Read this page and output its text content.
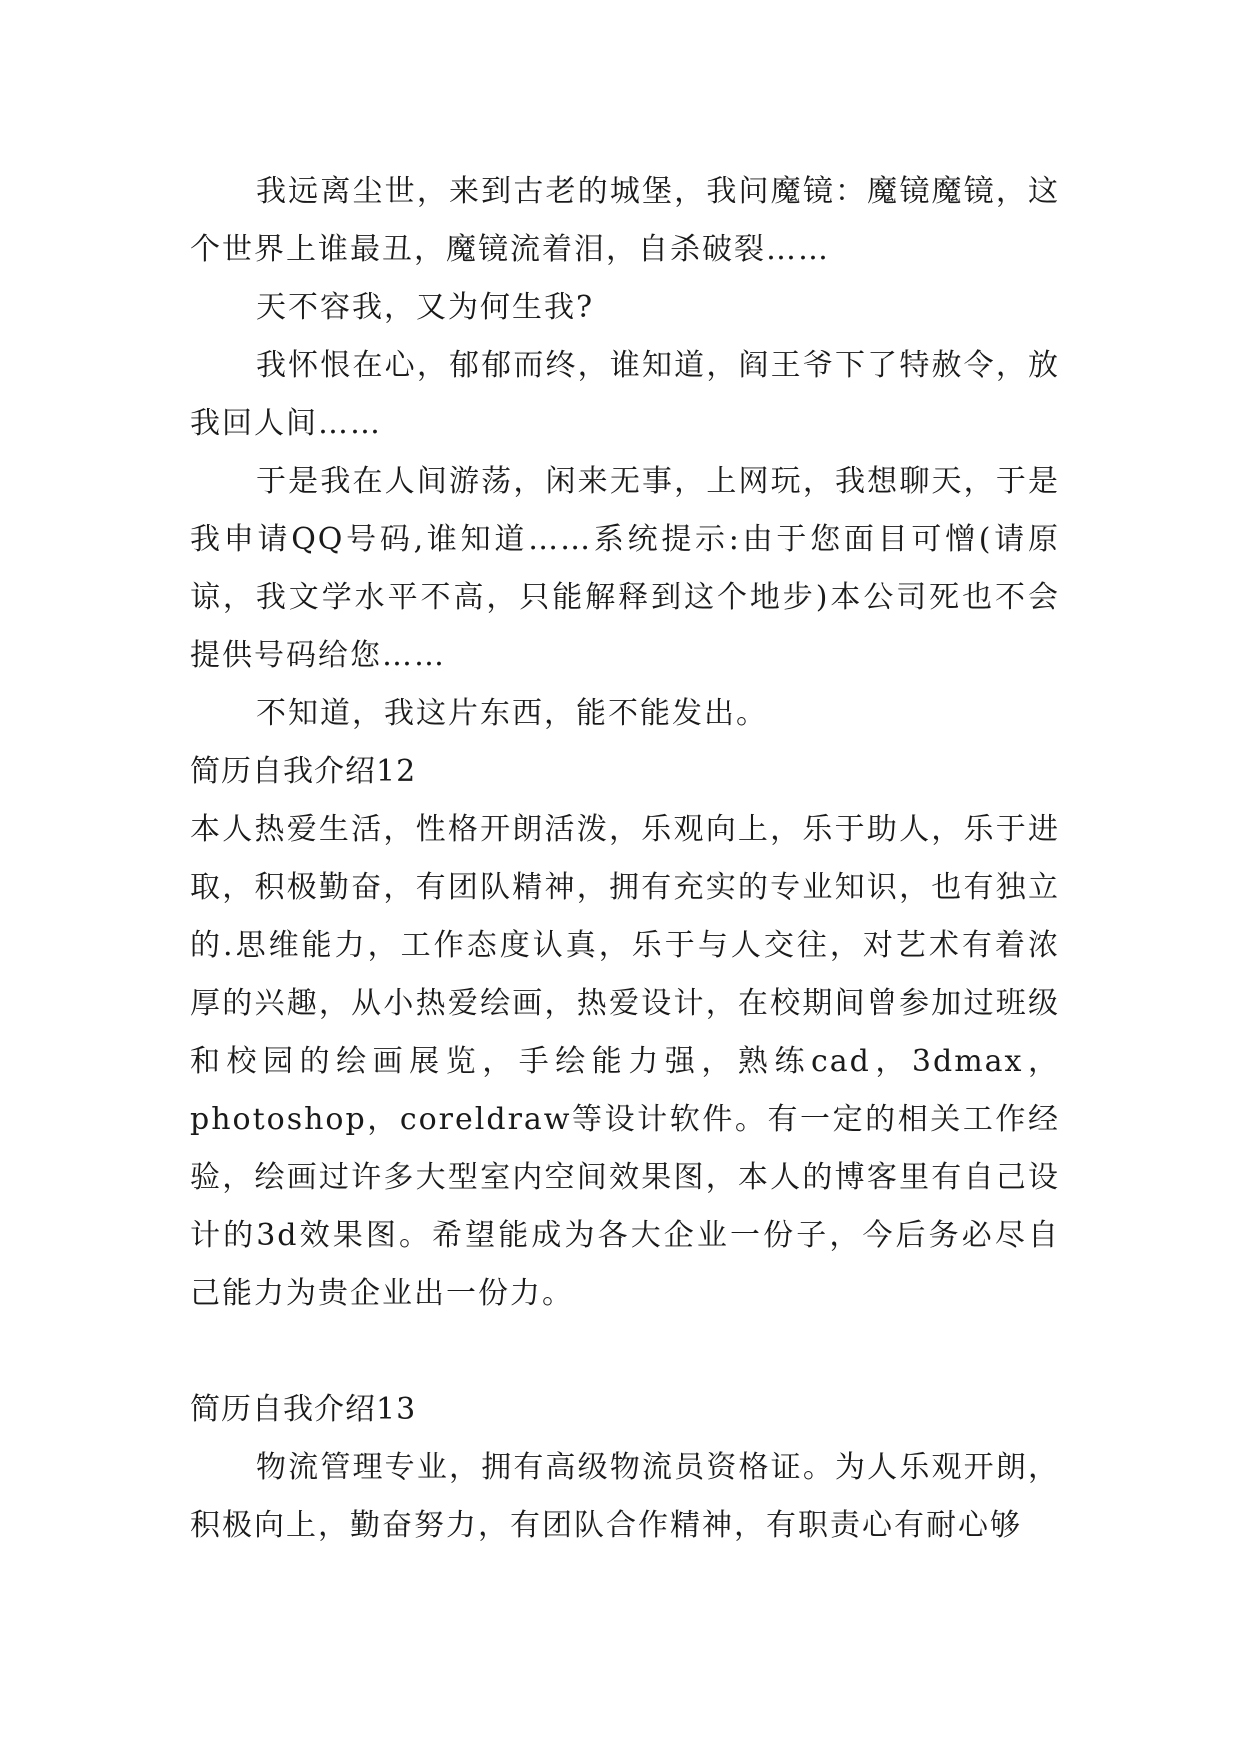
我远离尘世，来到古老的城堡，我问魔镜：魔镜魔镜，这个世界上谁最丑，魔镜流着泪，自杀破裂……

天不容我，又为何生我?

我怀恨在心，郁郁而终，谁知道，阎王爷下了特赦令，放我回人间……

于是我在人间游荡，闲来无事，上网玩，我想聊天，于是我申请QQ号码,谁知道……系统提示:由于您面目可憎(请原谅，我文学水平不高，只能解释到这个地步)本公司死也不会提供号码给您……

不知道，我这片东西，能不能发出。

简历自我介绍12

本人热爱生活，性格开朗活泼，乐观向上，乐于助人，乐于进取，积极勤奋，有团队精神，拥有充实的专业知识，也有独立的.思维能力，工作态度认真，乐于与人交往，对艺术有着浓厚的兴趣，从小热爱绘画，热爱设计，在校期间曾参加过班级和校园的绘画展览，手绘能力强，熟练cad，3dmax，photoshop，coreldraw等设计软件。有一定的相关工作经验，绘画过许多大型室内空间效果图，本人的博客里有自己设计的3d效果图。希望能成为各大企业一份子，今后务必尽自己能力为贵企业出一份力。

简历自我介绍13

物流管理专业，拥有高级物流员资格证。为人乐观开朗，积极向上，勤奋努力，有团队合作精神，有职责心有耐心够
